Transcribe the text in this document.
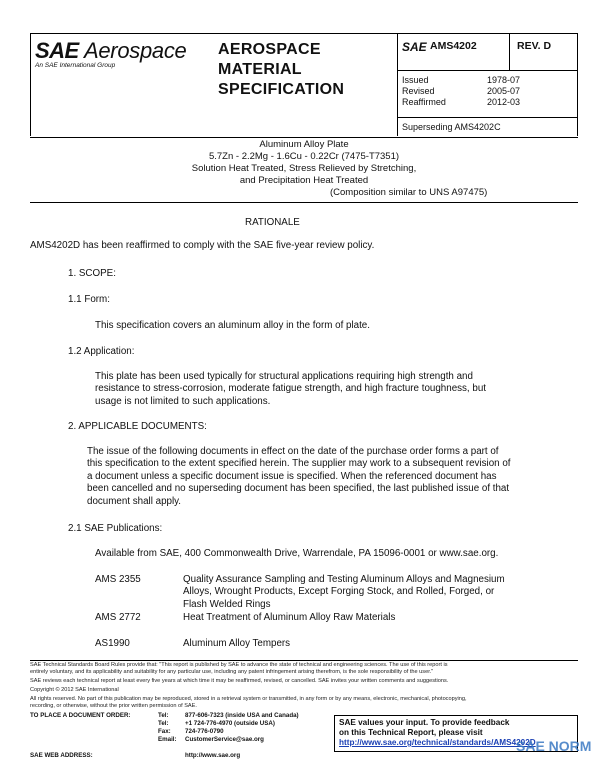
SAE Aerospace
An SAE International Group
AEROSPACE
MATERIAL
SPECIFICATION
SAE AMS4202	REV. D
Issued	1978-07
Revised	2005-07
Reaffirmed	2012-03
Superseding AMS4202C
Aluminum Alloy Plate
5.7Zn - 2.2Mg - 1.6Cu - 0.22Cr (7475-T7351)
Solution Heat Treated, Stress Relieved by Stretching,
and Precipitation Heat Treated
(Composition similar to UNS A97475)
RATIONALE
AMS4202D has been reaffirmed to comply with the SAE five-year review policy.
1. SCOPE:
1.1 Form:
This specification covers an aluminum alloy in the form of plate.
1.2 Application:
This plate has been used typically for structural applications requiring high strength and
resistance to stress-corrosion, moderate fatigue strength, and high fracture toughness, but
usage is not limited to such applications.
2. APPLICABLE DOCUMENTS:
The issue of the following documents in effect on the date of the purchase order forms a part of
this specification to the extent specified herein. The supplier may work to a subsequent revision of
a document unless a specific document issue is specified. When the referenced document has
been cancelled and no superseding document has been specified, the last published issue of that
document shall apply.
2.1 SAE Publications:
Available from SAE, 400 Commonwealth Drive, Warrendale, PA 15096-0001 or www.sae.org.
AMS 2355	Quality Assurance Sampling and Testing Aluminum Alloys and Magnesium
Alloys, Wrought Products, Except Forging Stock, and Rolled, Forged, or
Flash Welded Rings
AMS 2772	Heat Treatment of Aluminum Alloy Raw Materials
AS1990	Aluminum Alloy Tempers
SAE Technical Standards Board Rules provide that: "This report is published by SAE to advance the state of technical and engineering sciences. The use of this report is
entirely voluntary, and its applicability and suitability for any particular use, including any patent infringement arising therefrom, is the sole responsibility of the user."
SAE reviews each technical report at least every five years at which time it may be reaffirmed, revised, or cancelled. SAE invites your written comments and suggestions.
Copyright © 2012 SAE International
All rights reserved. No part of this publication may be reproduced, stored in a retrieval system or transmitted, in any form or by any means, electronic, mechanical, photocopying,
recording, or otherwise, without the prior written permission of SAE.
TO PLACE A DOCUMENT ORDER:	Tel:	877-606-7323 (inside USA and Canada)
Tel:	+1 724-776-4970 (outside USA)
Fax: 724-776-0790
Email: CustomerService@sae.org
SAE WEB ADDRESS:	http://www.sae.org
SAE values your input. To provide feedback
on this Technical Report, please visit
http://www.sae.org/technical/standards/AMS4202D
SAE NORM
